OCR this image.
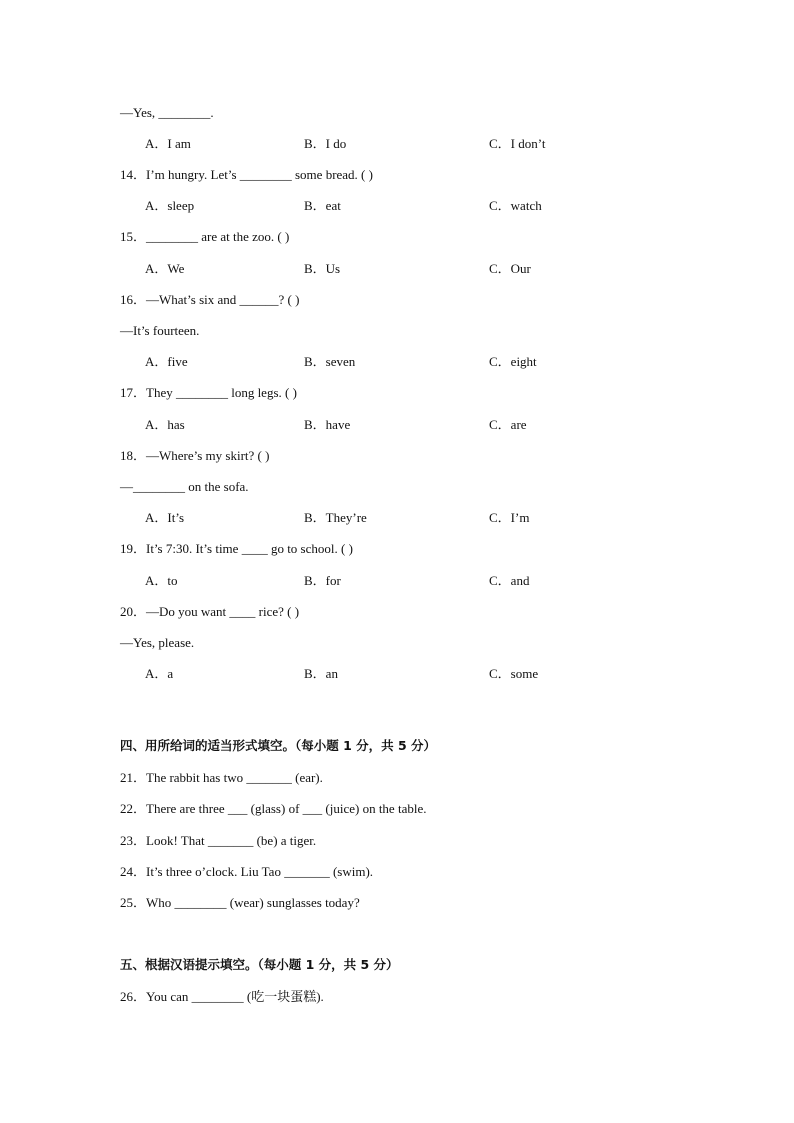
—Yes, ________.
A．I am	B．I do	C．I don’t
14．I’m hungry. Let’s ________ some bread. ( )
A．sleep	B．eat	C．watch
15．________ are at the zoo. ( )
A．We	B．Us	C．Our
16．—What’s six and ______? ( )
—It’s fourteen.
A．five	B．seven	C．eight
17．They ________ long legs. ( )
A．has	B．have	C．are
18．—Where’s my skirt? ( )
—________ on the sofa.
A．It’s	B．They’re	C．I’m
19．It’s 7:30. It’s time ____ go to school. ( )
A．to	B．for	C．and
20．—Do you want ____ rice? ( )
—Yes, please.
A．a	B．an	C．some
四、用所给词的适当形式填空。（每小题 1 分，共 5 分）
21．The rabbit has two _______ (ear).
22．There are three ___ (glass) of ___ (juice) on the table.
23．Look! That _______ (be) a tiger.
24．It’s three o’clock. Liu Tao _______ (swim).
25．Who ________ (wear) sunglasses today?
五、根据汉语提示填空。（每小题 1 分，共 5 分）
26．You can ________ (吃一块蛋糕).
